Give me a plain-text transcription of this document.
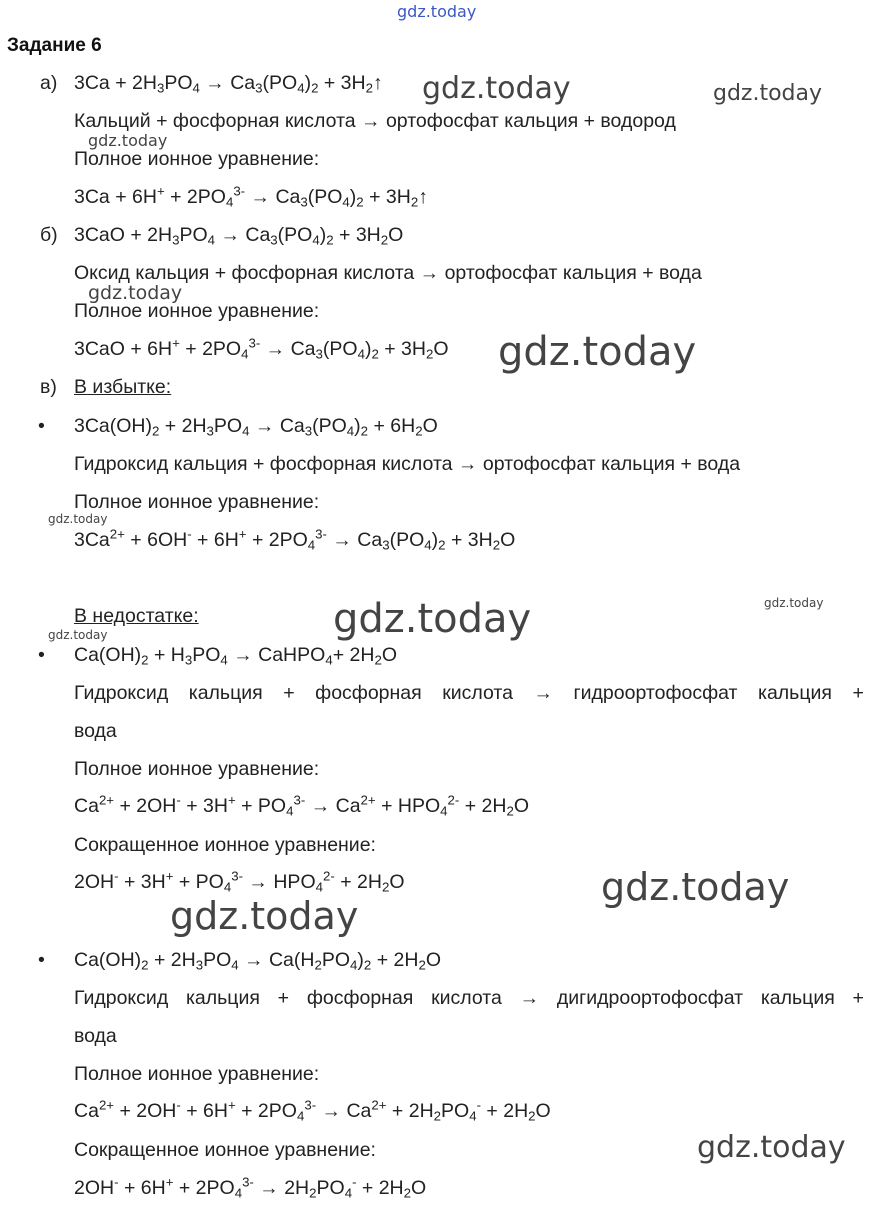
gdz.today
gdz.today	gdz.today
gdz.today
gdz.today
gdz.today
gdz.today
gdz.today	gdz.today
gdz.today
gdz.today
gdz.today
gdz.today
Задание 6
а) $3Ca + 2H_3PO_4 \to Ca_3(PO_4)_2$ + $3H_2↑$
Кальций + фосфорная кислота → ортофосфат кальция + водород
Полное ионное уравнение:
$3Ca + 6H^+ + 2PO_4^{3-} \to Ca_3(PO_4)_2$ + $3H_2↑$
б) $3CaO + 2H_3PO_4 \to Ca_3(PO_4)_2 + 3H_2O$
Оксид кальция + фосфорная кислота → ортофосфат кальция + вода
Полное ионное уравнение:
$3CaO + 6H^+ + 2PO_4^{3-} \to Ca_3(PO_4)_2 + 3H_2O$
в) В избытке:
• $3Ca(OH)_2 + 2H_3PO_4 \to Ca_3(PO_4)_2 + 6H_2O$
Гидроксид кальция + фосфорная кислота → ортофосфат кальция + вода
Полное ионное уравнение:
$3Ca^{2+} + 6OH^- + 6H^+ + 2PO_4^{3-} \to Ca_3(PO_4)_2 + 3H_2O$
В недостатке:
• $Ca(OH)_2 + H_3PO_4$ → CaHPO$_4$+ $2H_2O$
Гидроксид кальция + фосфорная кислота → гидроортофосфат кальция +
вода
Полное ионное уравнение:
$Ca^{2+} + 2OH^- + 3H^+ + PO_4^{3-} \to Ca^{2+} + HPO_4^{2-} + 2H_2O$
Сокращенное ионное уравнение:
$2OH^- + 3H^+ + PO_4^{3-} \to HPO_4^{2-} + 2H_2O$
• $Ca(OH)_2 + 2H_3PO_4 \to Ca(H_2PO_4)_2 + 2H_2O$
Гидроксид кальция + фосфорная кислота → дигидроортофосфат кальция +
вода
Полное ионное уравнение:
$Ca^{2+} + 2OH^- + 6H^+ + 2PO_4^{3-} \to Ca^{2+} + 2H_2PO_4^- + 2H_2O$
Сокращенное ионное уравнение:
$2OH^- + 6H^+ + 2PO_4^{3-} \to 2H_2PO_4^- + 2H_2O$
